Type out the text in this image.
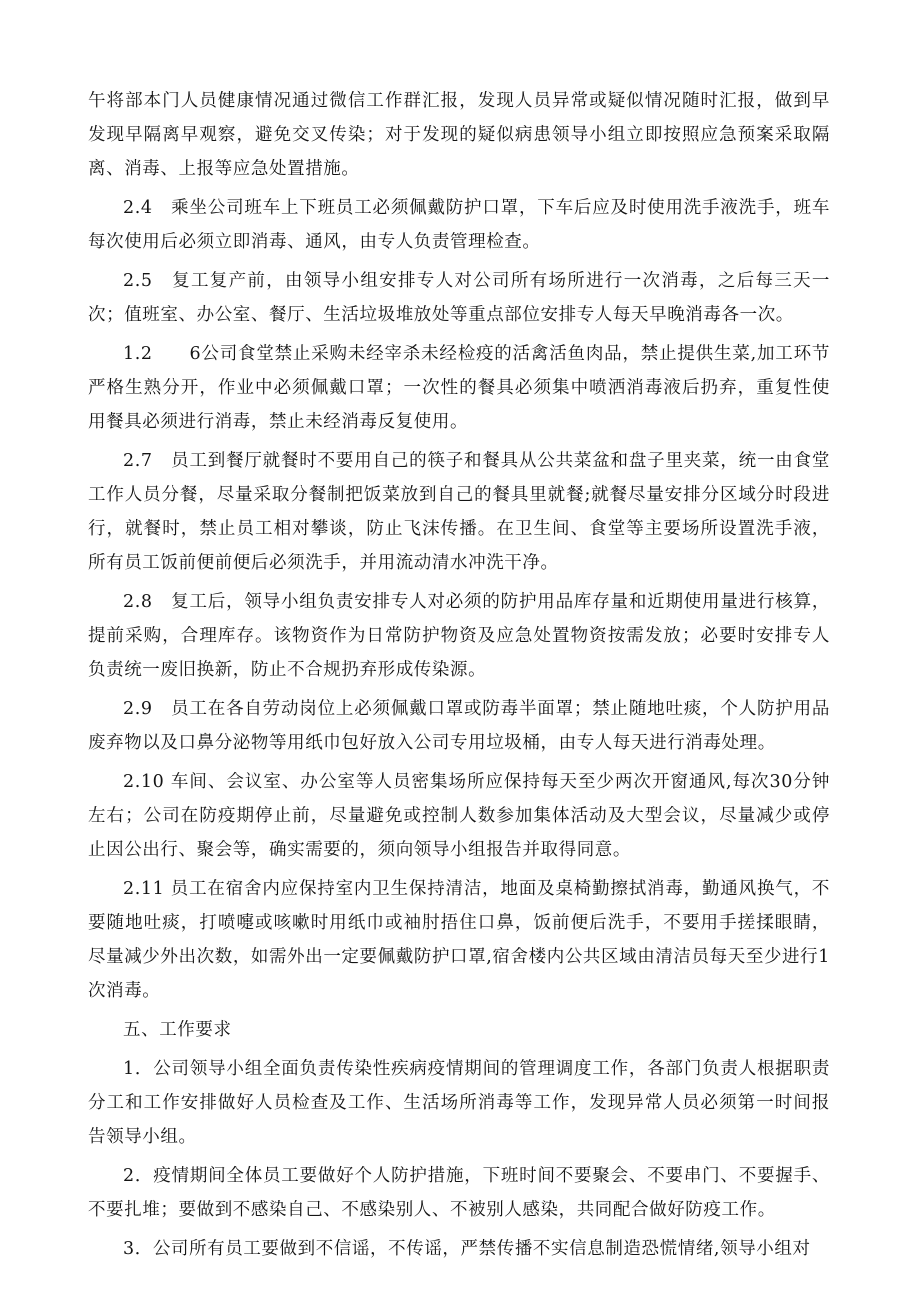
午将部本门人员健康情况通过微信工作群汇报，发现人员异常或疑似情况随时汇报，做到早发现早隔离早观察，避免交叉传染；对于发现的疑似病患领导小组立即按照应急预案采取隔离、消毒、上报等应急处置措施。

2.4　乘坐公司班车上下班员工必须佩戴防护口罩，下车后应及时使用洗手液洗手，班车每次使用后必须立即消毒、通风，由专人负责管理检查。

2.5　复工复产前，由领导小组安排专人对公司所有场所进行一次消毒，之后每三天一次；值班室、办公室、餐厅、生活垃圾堆放处等重点部位安排专人每天早晚消毒各一次。

1.2　　6公司食堂禁止采购未经宰杀未经检疫的活禽活鱼肉品，禁止提供生菜,加工环节严格生熟分开，作业中必须佩戴口罩；一次性的餐具必须集中喷洒消毒液后扔弃，重复性使用餐具必须进行消毒，禁止未经消毒反复使用。

2.7　员工到餐厅就餐时不要用自己的筷子和餐具从公共菜盆和盘子里夹菜，统一由食堂工作人员分餐，尽量采取分餐制把饭菜放到自己的餐具里就餐;就餐尽量安排分区域分时段进行，就餐时，禁止员工相对攀谈，防止飞沫传播。在卫生间、食堂等主要场所设置洗手液，所有员工饭前便前便后必须洗手，并用流动清水冲洗干净。

2.8　复工后，领导小组负责安排专人对必须的防护用品库存量和近期使用量进行核算，提前采购，合理库存。该物资作为日常防护物资及应急处置物资按需发放；必要时安排专人负责统一废旧换新，防止不合规扔弃形成传染源。

2.9　员工在各自劳动岗位上必须佩戴口罩或防毒半面罩；禁止随地吐痰，个人防护用品废弃物以及口鼻分泌物等用纸巾包好放入公司专用垃圾桶，由专人每天进行消毒处理。

2.10 车间、会议室、办公室等人员密集场所应保持每天至少两次开窗通风,每次30分钟左右；公司在防疫期停止前，尽量避免或控制人数参加集体活动及大型会议，尽量减少或停止因公出行、聚会等，确实需要的，须向领导小组报告并取得同意。

2.11 员工在宿舍内应保持室内卫生保持清洁，地面及桌椅勤擦拭消毒，勤通风换气，不要随地吐痰，打喷嚏或咳嗽时用纸巾或袖肘捂住口鼻，饭前便后洗手，不要用手搓揉眼睛，尽量减少外出次数，如需外出一定要佩戴防护口罩,宿舍楼内公共区域由清洁员每天至少进行1次消毒。

五、工作要求

1．公司领导小组全面负责传染性疾病疫情期间的管理调度工作，各部门负责人根据职责分工和工作安排做好人员检查及工作、生活场所消毒等工作，发现异常人员必须第一时间报告领导小组。

2．疫情期间全体员工要做好个人防护措施，下班时间不要聚会、不要串门、不要握手、不要扎堆；要做到不感染自己、不感染别人、不被别人感染，共同配合做好防疫工作。

3．公司所有员工要做到不信谣，不传谣，严禁传播不实信息制造恐慌情绪,领导小组对
